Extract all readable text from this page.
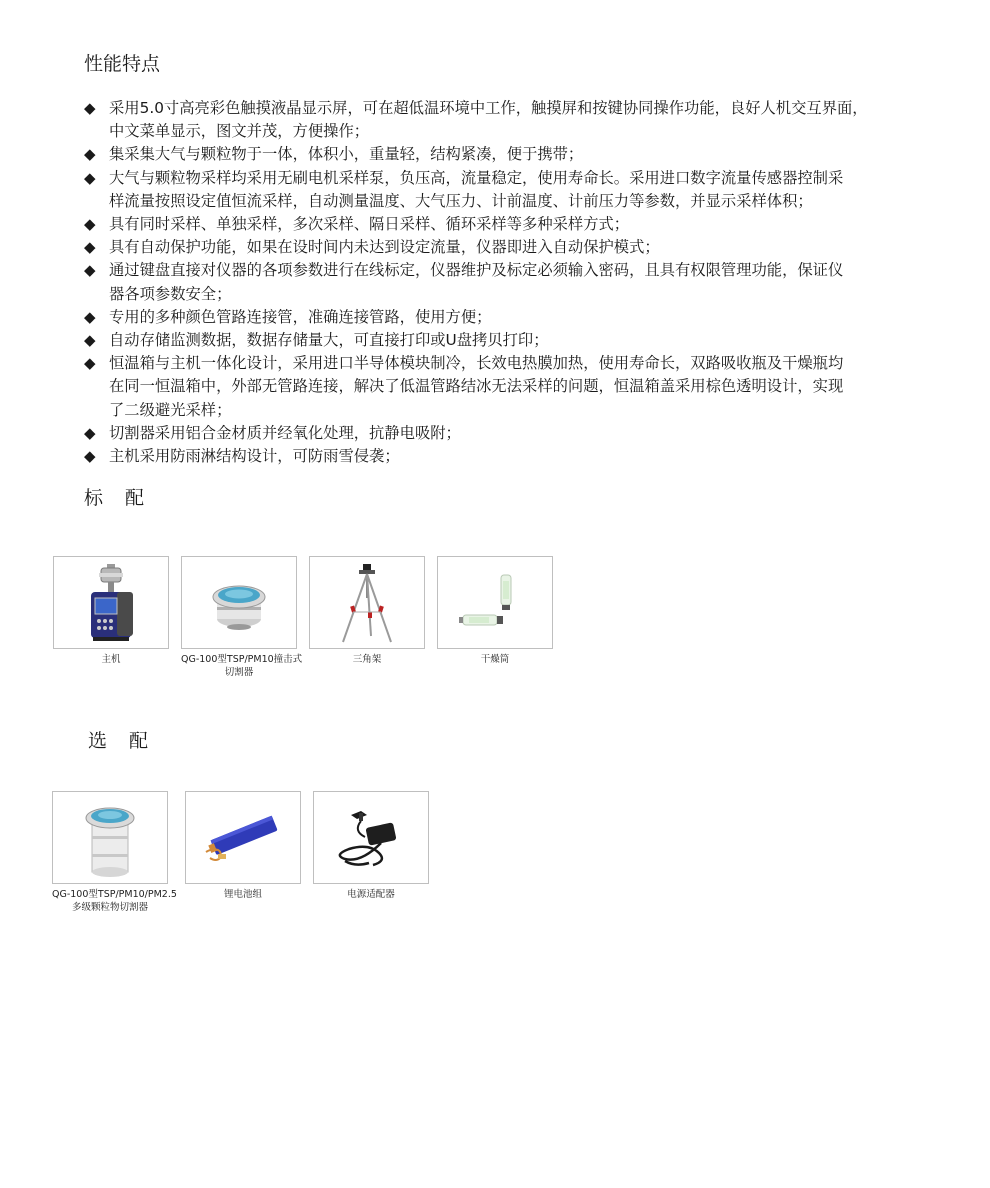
性能特点
◆ 采用5.0寸高亮彩色触摸液晶显示屏，可在超低温环境中工作，触摸屏和按键协同操作功能，良好人机交互界面，
中文菜单显示，图文并茂，方便操作；
◆ 集采集大气与颗粒物于一体，体积小，重量轻，结构紧凑，便于携带；
◆ 大气与颗粒物采样均采用无刷电机采样泵，负压高，流量稳定，使用寿命长。采用进口数字流量传感器控制采
样流量按照设定值恒流采样，自动测量温度、大气压力、计前温度、计前压力等参数，并显示采样体积；
◆ 具有同时采样、单独采样，多次采样、隔日采样、循环采样等多种采样方式；
◆ 具有自动保护功能，如果在设时间内未达到设定流量，仪器即进入自动保护模式；
◆ 通过键盘直接对仪器的各项参数进行在线标定，仪器维护及标定必须输入密码，且具有权限管理功能，保证仪
器各项参数安全；
◆ 专用的多种颜色管路连接管，准确连接管路，使用方便；
◆ 自动存储监测数据，数据存储量大，可直接打印或U盘拷贝打印；
◆ 恒温箱与主机一体化设计，采用进口半导体模块制冷，长效电热膜加热，使用寿命长，双路吸收瓶及干燥瓶均
在同一恒温箱中，外部无管路连接，解决了低温管路结冰无法采样的问题，恒温箱盖采用棕色透明设计，实现
了二级避光采样；
◆ 切割器采用铝合金材质并经氧化处理，抗静电吸附；
◆ 主机采用防雨淋结构设计，可防雨雪侵袭；
标 配
主机	QG-100型TSP/PM10撞击式
切割器
三角架	干燥筒
选 配
QG-100型TSP/PM10/PM2.5
多级颗粒物切割器
锂电池组	电源适配器
